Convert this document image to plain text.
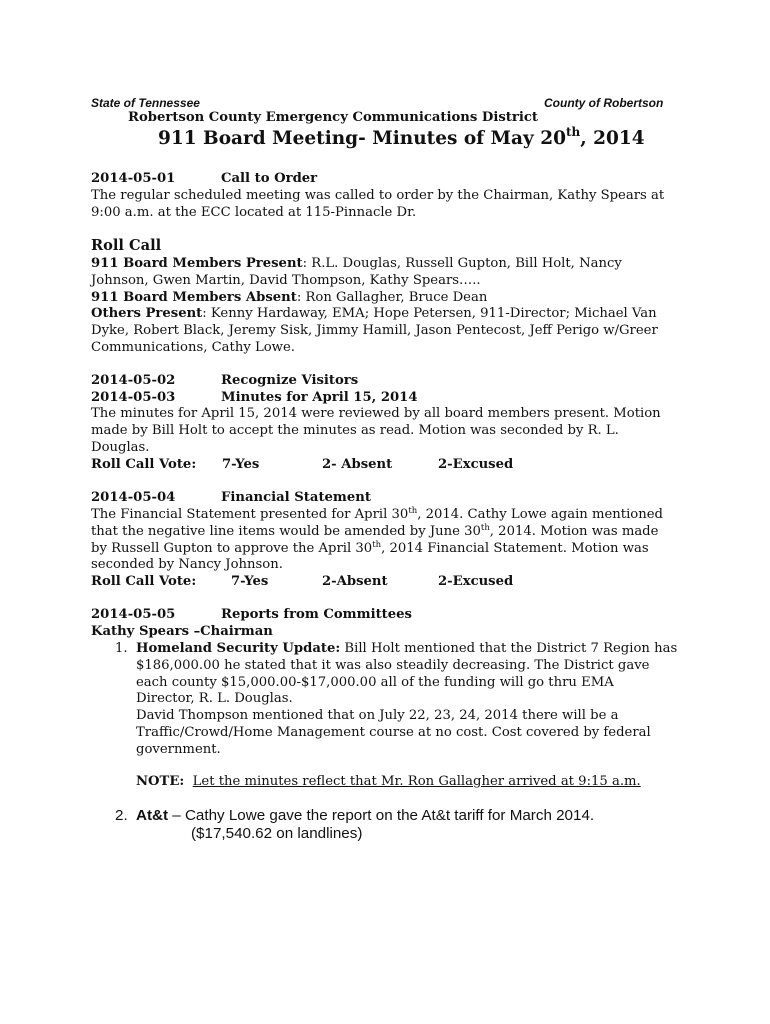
State of Tennessee	County of Robertson
Robertson County Emergency Communications District
911 Board Meeting- Minutes of May 20th, 2014
2014-05-01	Call to Order
The regular scheduled meeting was called to order by the Chairman, Kathy Spears at
9:00 a.m. at the ECC located at 115-Pinnacle Dr.
Roll Call
911 Board Members Present: R.L. Douglas, Russell Gupton, Bill Holt, Nancy
Johnson, Gwen Martin, David Thompson, Kathy Spears…..
911 Board Members Absent: Ron Gallagher, Bruce Dean
Others Present: Kenny Hardaway, EMA; Hope Petersen, 911-Director; Michael Van
Dyke, Robert Black, Jeremy Sisk, Jimmy Hamill, Jason Pentecost, Jeff Perigo w/Greer
Communications, Cathy Lowe.
2014-05-02	Recognize Visitors
2014-05-03	Minutes for April 15, 2014
The minutes for April 15, 2014 were reviewed by all board members present. Motion
made by Bill Holt to accept the minutes as read. Motion was seconded by R. L.
Douglas.
Roll Call Vote: 7-Yes	2- Absent	2-Excused
2014-05-04	Financial Statement
The Financial Statement presented for April 30th, 2014. Cathy Lowe again mentioned
that the negative line items would be amended by June 30th, 2014. Motion was made
by Russell Gupton to approve the April 30th, 2014 Financial Statement. Motion was
seconded by Nancy Johnson.
Roll Call Vote:	7-Yes	2-Absent	2-Excused
2014-05-05	Reports from Committees
Kathy Spears –Chairman
1. Homeland Security Update: Bill Holt mentioned that the District 7 Region has
$186,000.00 he stated that it was also steadily decreasing. The District gave
each county $15,000.00-$17,000.00 all of the funding will go thru EMA
Director, R. L. Douglas.
David Thompson mentioned that on July 22, 23, 24, 2014 there will be a
Traffic/Crowd/Home Management course at no cost. Cost covered by federal
government.
NOTE: Let the minutes reflect that Mr. Ron Gallagher arrived at 9:15 a.m.
2. At&t – Cathy Lowe gave the report on the At&t tariff for March 2014.
($17,540.62 on landlines)
